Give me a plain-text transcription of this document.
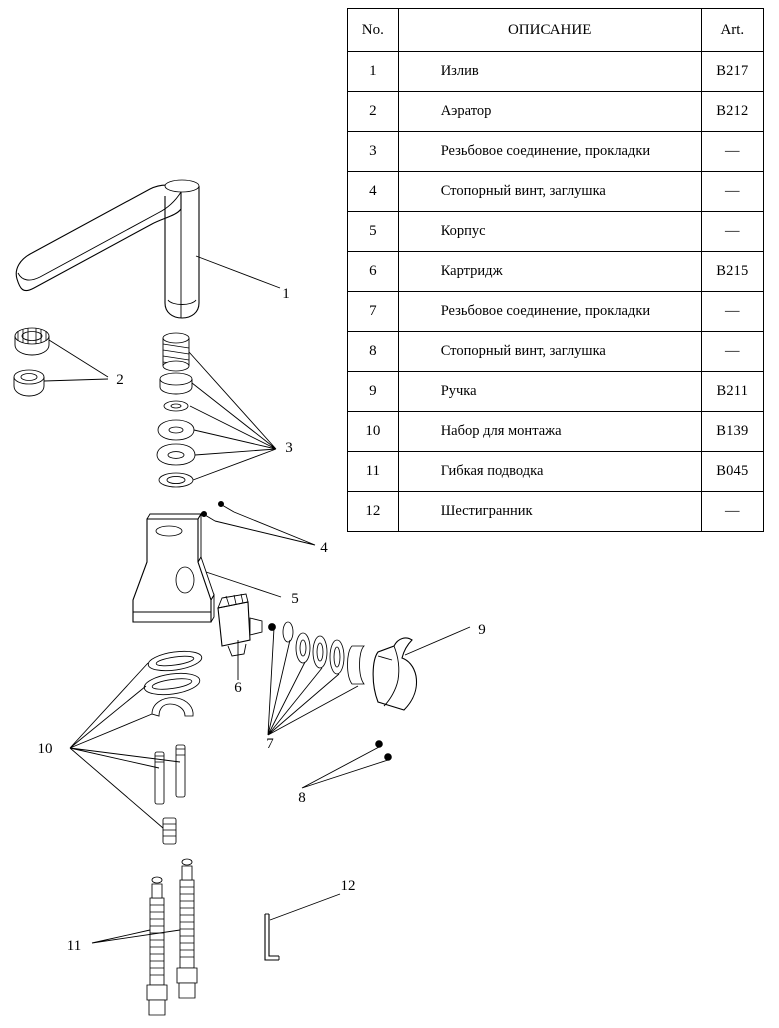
1
2
3
4
5
6
7
8
9
10
11
12
No.	ОПИСАНИЕ	Art.
1	Излив	B217
2	Аэратор	B212
3	Резьбовое соединение, прокладки	—
4	Стопорный винт, заглушка	—
5	Корпус	—
6	Картридж	B215
7	Резьбовое соединение, прокладки	—
8	Стопорный винт, заглушка	—
9	Ручка	B211
10	Набор для монтажа	B139
11	Гибкая подводка	B045
12	Шестигранник	—
